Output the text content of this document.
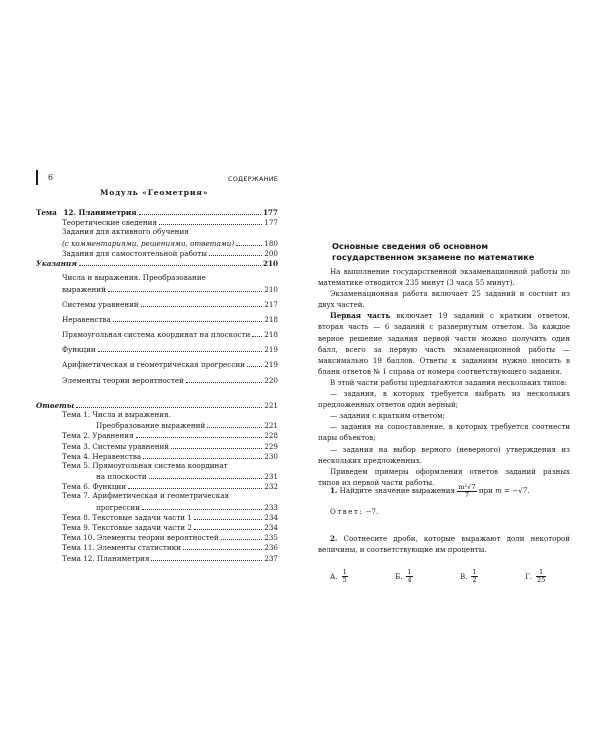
6	СОДЕРЖАНИЕ
Модуль «Геометрия»
Тема 12. Планиметрия	177
Теоретические сведения	177
Задания для активного обучения
(с комментариями, решениями, ответами)	180
Задания для самостоятельной работы	200
Указания	210
Числа и выражения. Преобразование
выражений	210
Системы уравнений	217
Неравенства	218
Прямоугольная система координат на плоскости 218
Функции	219
Арифметическая и геометрическая прогрессии	219
Элементы теории вероятностей	220
Ответы	221
Тема 1. Числа и выражения.
Преобразование выражений	221
Тема 2. Уравнения	228
Тема 3. Системы уравнений	229
Тема 4. Неравенства	230
Тема 5. Прямоугольная система координат
на плоскости	231
Тема 6. Функции	232
Тема 7. Арифметическая и геометрическая
прогрессии	233
Тема 8. Текстовые задачи части 1	234
Тема 9. Текстовые задачи части 2	234
Тема 10. Элементы теории вероятностей	235
Тема 11. Элементы статистики	236
Тема 12. Планиметрия	237
Основные сведения об основном
государственном экзамене по математике

На выполнение государственной экзаменационной работы по математике отводится 235 минут (3 часа 55 минут).

Экзаменационная работа включает 25 заданий и состоит из двух частей.

Первая часть включает 19 заданий с кратким ответом, вторая часть — 6 заданий с развернутым ответом. За каждое верное решение задания первой части можно получить один балл, всего за первую часть экзаменационной работы — максимально 19 баллов. Ответы к заданиям нужно вносить в бланк ответов № 1 справа от номера соответствующего задания.

В этой части работы предлагаются задания нескольких типов:

— задания, в которых требуется выбрать из нескольких предложенных ответов один верный;

— задания с кратким ответом;

— задания на сопоставление, в которых требуется соотнести пары объектов;

— задания на выбор верного (неверного) утверждения из нескольких предложенных.

Приведем примеры оформления ответов заданий разных типов из первой части работы.

1. Найдите значение выражения $\frac{\text{m²√7}}{7}$ при m = −√7.
Ответ: −7.
2. Соотнесите дроби, которые выражают доли некоторой величины, и соответствующие им проценты.
А. $\frac{1}{5}$	Б. $\frac{1}{4}$	В. $\frac{1}{2}$	Г. $\frac{1}{25}$
